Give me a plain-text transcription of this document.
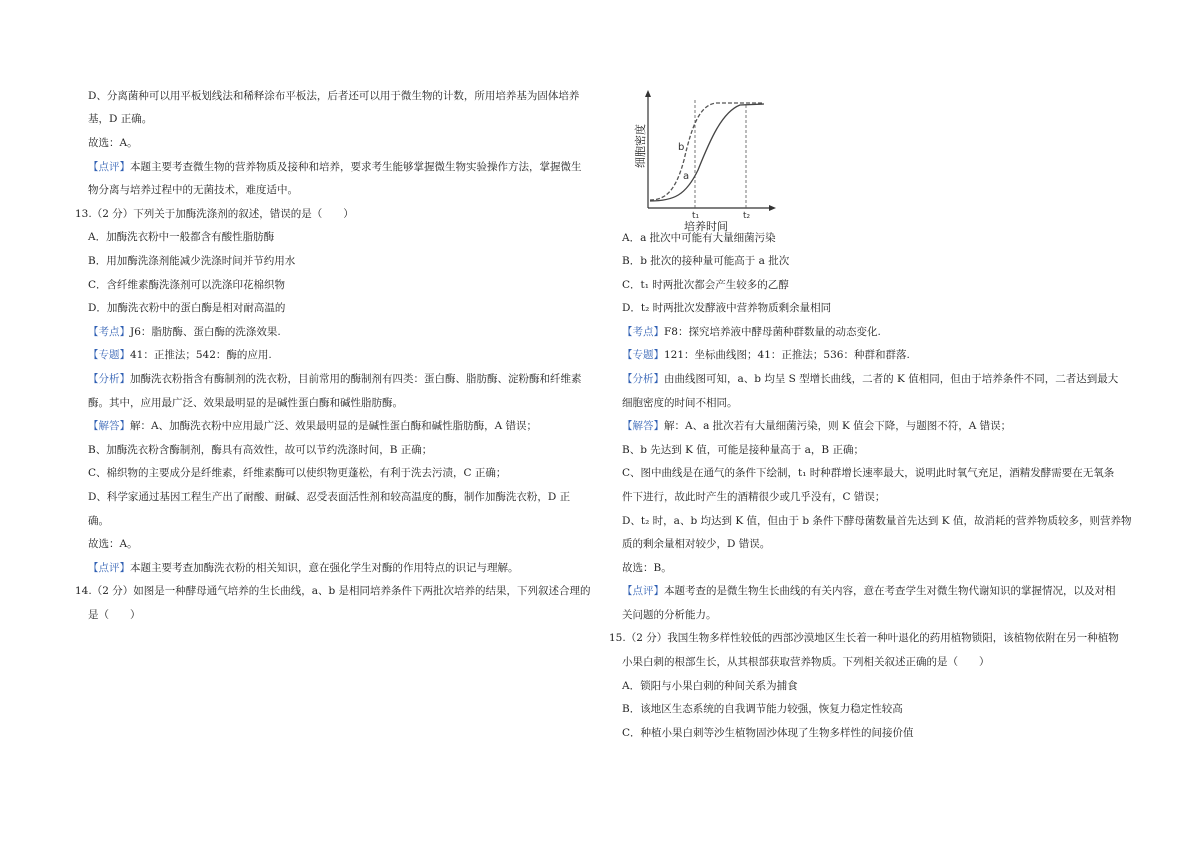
D、分离菌种可以用平板划线法和稀释涂布平板法，后者还可以用于微生物的计数，所用培养基为固体培养

基，D 正确。

故选：A。

【点评】本题主要考查微生物的营养物质及接种和培养，要求考生能够掌握微生物实验操作方法，掌握微生

物分离与培养过程中的无菌技术，难度适中。

13.（2 分）下列关于加酶洗涤剂的叙述，错误的是（　　）

A．加酶洗衣粉中一般都含有酸性脂肪酶

B．用加酶洗涤剂能减少洗涤时间并节约用水

C．含纤维素酶洗涤剂可以洗涤印花棉织物

D．加酶洗衣粉中的蛋白酶是相对耐高温的

【考点】J6：脂肪酶、蛋白酶的洗涤效果.

【专题】41：正推法；542：酶的应用.

【分析】加酶洗衣粉指含有酶制剂的洗衣粉，目前常用的酶制剂有四类：蛋白酶、脂肪酶、淀粉酶和纤维素

酶。其中，应用最广泛、效果最明显的是碱性蛋白酶和碱性脂肪酶。

【解答】解：A、加酶洗衣粉中应用最广泛、效果最明显的是碱性蛋白酶和碱性脂肪酶，A 错误；

B、加酶洗衣粉含酶制剂，酶具有高效性，故可以节约洗涤时间，B 正确；

C、棉织物的主要成分是纤维素，纤维素酶可以使织物更蓬松，有利于洗去污渍，C 正确；

D、科学家通过基因工程生产出了耐酸、耐碱、忍受表面活性剂和较高温度的酶，制作加酶洗衣粉，D 正

确。

故选：A。

【点评】本题主要考查加酶洗衣粉的相关知识，意在强化学生对酶的作用特点的识记与理解。

14.（2 分）如图是一种酵母通气培养的生长曲线，a、b 是相同培养条件下两批次培养的结果，下列叙述合理的

是（　　）

A．a 批次中可能有大量细菌污染

B．b 批次的接种量可能高于 a 批次

C．t₁ 时两批次都会产生较多的乙醇

D．t₂ 时两批次发酵液中营养物质剩余量相同

【考点】F8：探究培养液中酵母菌种群数量的动态变化.

【专题】121：坐标曲线图；41：正推法；536：种群和群落.

【分析】由曲线图可知，a、b 均呈 S 型增长曲线，二者的 K 值相同，但由于培养条件不同，二者达到最大

细胞密度的时间不相同。

【解答】解：A、a 批次若有大量细菌污染，则 K 值会下降，与题图不符，A 错误；

B、b 先达到 K 值，可能是接种量高于 a，B 正确；

C、图中曲线是在通气的条件下绘制，t₁ 时种群增长速率最大，说明此时氧气充足，酒精发酵需要在无氧条

件下进行，故此时产生的酒精很少或几乎没有，C 错误；

D、t₂ 时，a、b 均达到 K 值，但由于 b 条件下酵母菌数量首先达到 K 值，故消耗的营养物质较多，则营养物

质的剩余量相对较少，D 错误。

故选：B。

【点评】本题考查的是微生物生长曲线的有关内容，意在考查学生对微生物代谢知识的掌握情况，以及对相

关问题的分析能力。

15.（2 分）我国生物多样性较低的西部沙漠地区生长着一种叶退化的药用植物锁阳，该植物依附在另一种植物

小果白刺的根部生长，从其根部获取营养物质。下列相关叙述正确的是（　　）

A．锁阳与小果白刺的种间关系为捕食

B．该地区生态系统的自我调节能力较强，恢复力稳定性较高

C．种植小果白刺等沙生植物固沙体现了生物多样性的间接价值

b
a
t₁	t₂
培养时间
细胞密度
